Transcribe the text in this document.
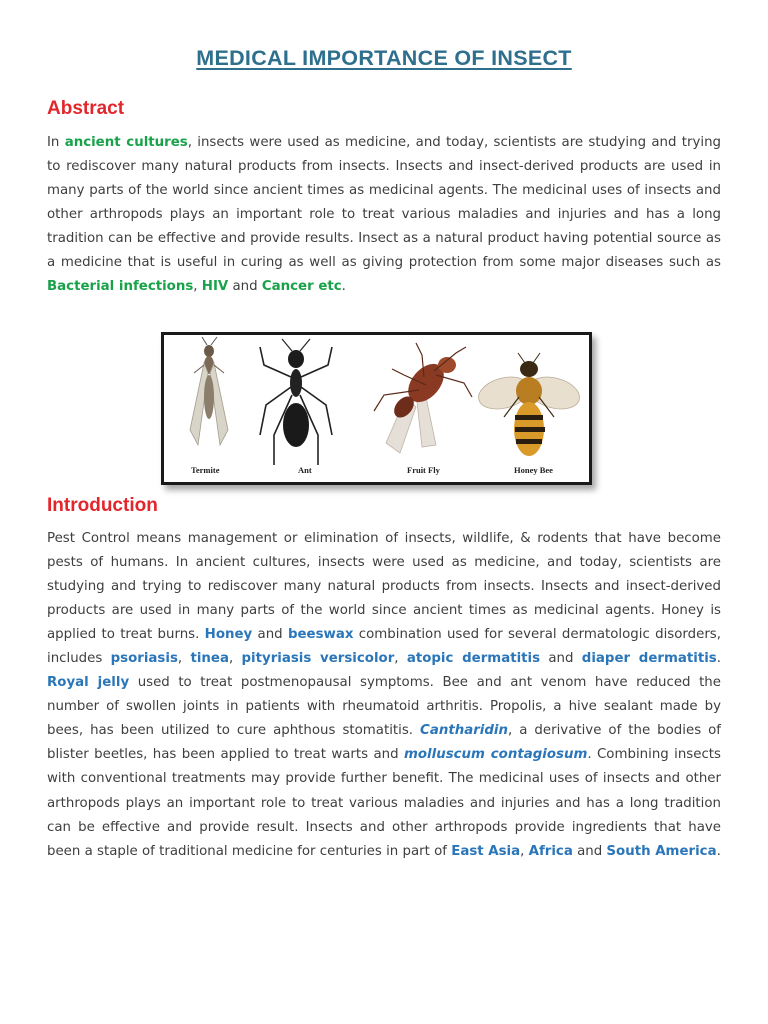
MEDICAL IMPORTANCE OF INSECT
Abstract

In ancient cultures, insects were used as medicine, and today, scientists are studying and trying to rediscover many natural products from insects. Insects and insect-derived products are used in many parts of the world since ancient times as medicinal agents. The medicinal uses of insects and other arthropods plays an important role to treat various maladies and injuries and has a long tradition can be effective and provide results. Insect as a natural product having potential source as a medicine that is useful in curing as well as giving protection from some major diseases such as Bacterial infections, HIV and Cancer etc.

Termite	Ant	Fruit Fly	Honey Bee
Introduction

Pest Control means management or elimination of insects, wildlife, & rodents that have become pests of humans. In ancient cultures, insects were used as medicine, and today, scientists are studying and trying to rediscover many natural products from insects. Insects and insect-derived products are used in many parts of the world since ancient times as medicinal agents. Honey is applied to treat burns. Honey and beeswax combination used for several dermatologic disorders, includes psoriasis, tinea, pityriasis versicolor, atopic dermatitis and diaper dermatitis. Royal jelly used to treat postmenopausal symptoms. Bee and ant venom have reduced the number of swollen joints in patients with rheumatoid arthritis. Propolis, a hive sealant made by bees, has been utilized to cure aphthous stomatitis. Cantharidin, a derivative of the bodies of blister beetles, has been applied to treat warts and molluscum contagiosum. Combining insects with conventional treatments may provide further benefit. The medicinal uses of insects and other arthropods plays an important role to treat various maladies and injuries and has a long tradition can be effective and provide result. Insects and other arthropods provide ingredients that have been a staple of traditional medicine for centuries in part of East Asia, Africa and South America.
